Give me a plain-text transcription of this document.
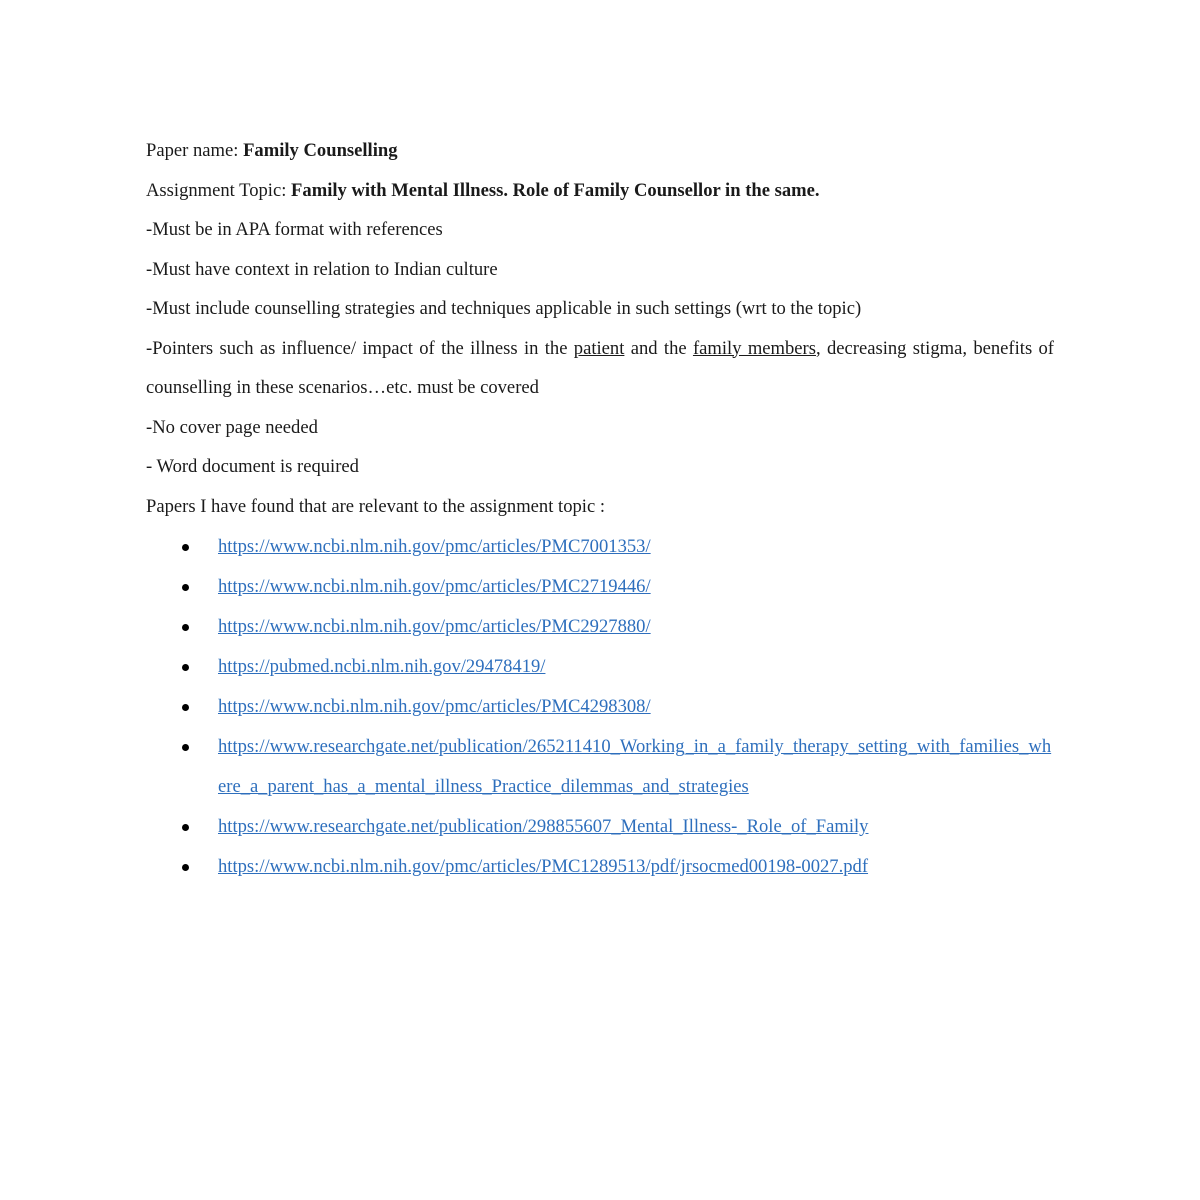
Paper name: Family Counselling

Assignment Topic: Family with Mental Illness. Role of Family Counsellor in the same.

-Must be in APA format with references

-Must have context in relation to Indian culture

-Must include counselling strategies and techniques applicable in such settings (wrt to the topic)

-Pointers such as influence/ impact of the illness in the patient and the family members, decreasing stigma, benefits of counselling in these scenarios…etc. must be covered

-No cover page needed

- Word document is required

Papers I have found that are relevant to the assignment topic :

https://www.ncbi.nlm.nih.gov/pmc/articles/PMC7001353/
https://www.ncbi.nlm.nih.gov/pmc/articles/PMC2719446/
https://www.ncbi.nlm.nih.gov/pmc/articles/PMC2927880/
https://pubmed.ncbi.nlm.nih.gov/29478419/
https://www.ncbi.nlm.nih.gov/pmc/articles/PMC4298308/
https://www.researchgate.net/publication/265211410_Working_in_a_family_therapy_setting_with_families_where_a_parent_has_a_mental_illness_Practice_dilemmas_and_strategies
https://www.researchgate.net/publication/298855607_Mental_Illness-_Role_of_Family
https://www.ncbi.nlm.nih.gov/pmc/articles/PMC1289513/pdf/jrsocmed00198-0027.pdf
